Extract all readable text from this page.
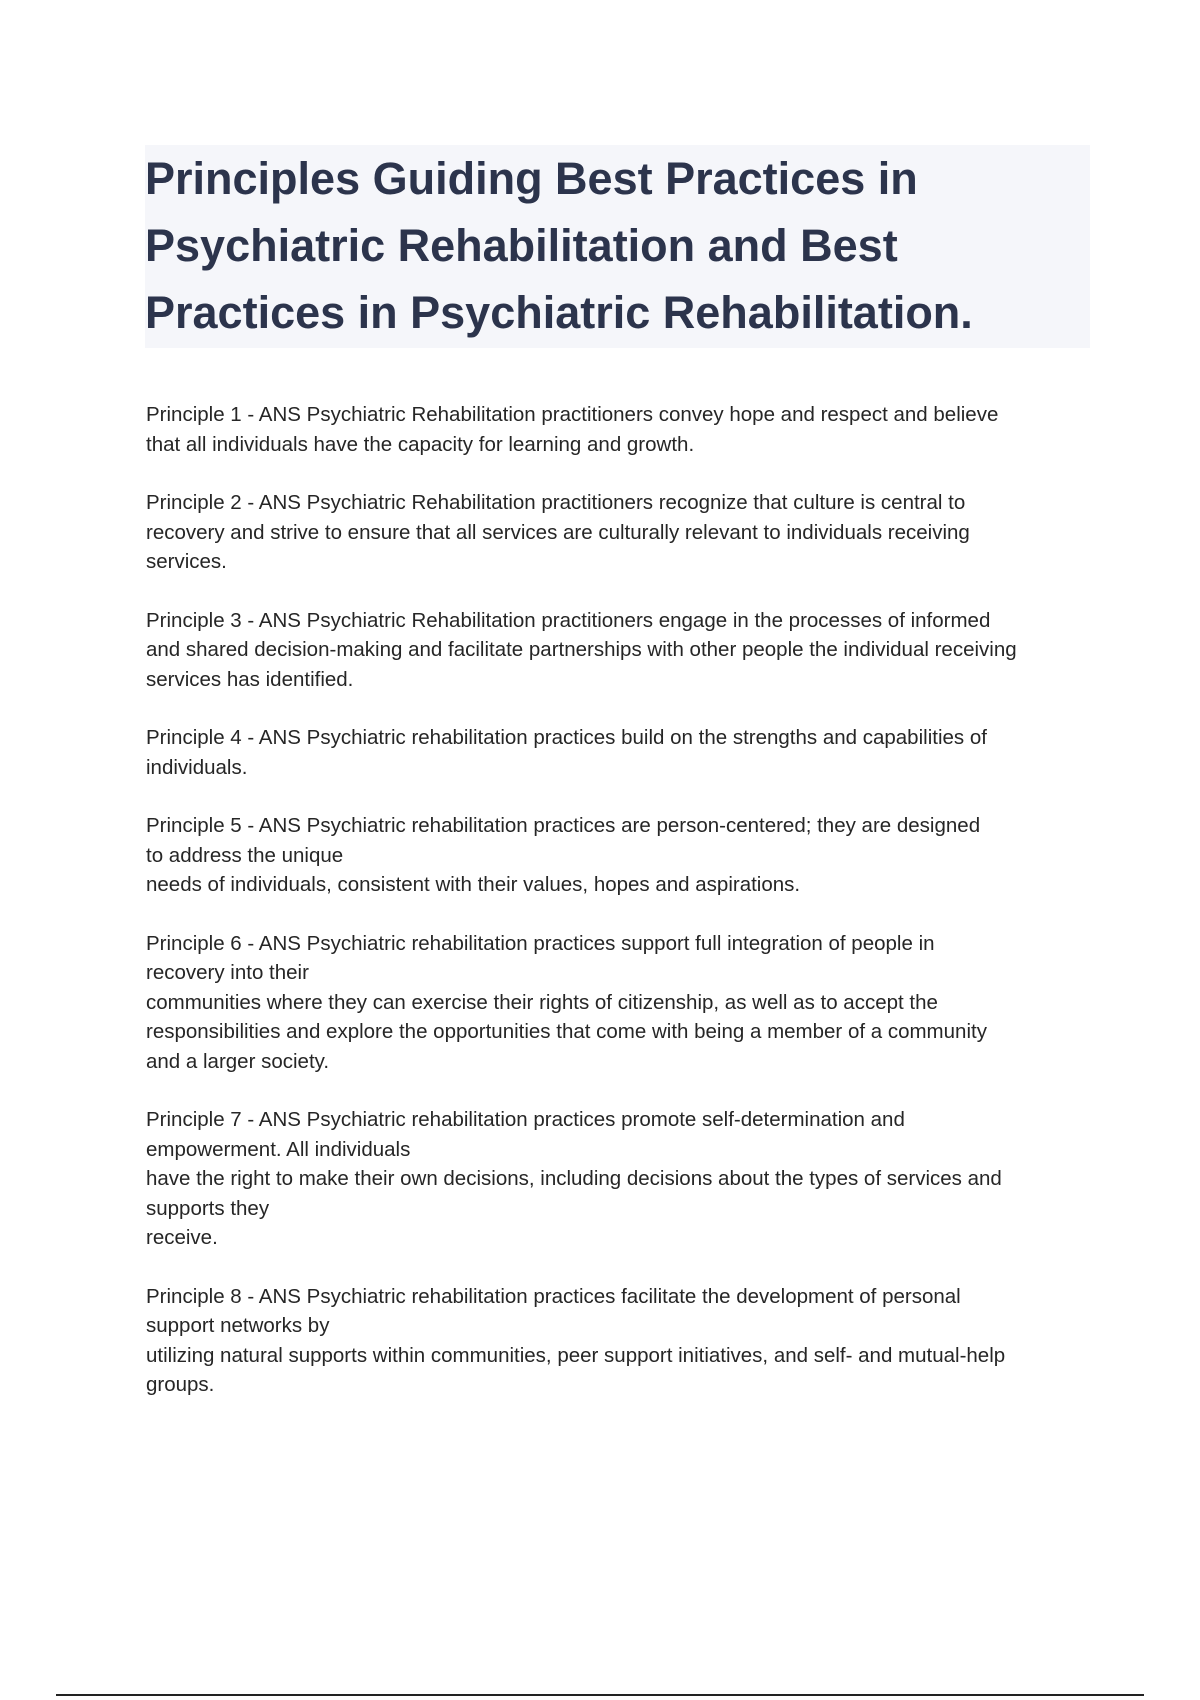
Principles Guiding Best Practices in Psychiatric Rehabilitation and Best Practices in Psychiatric Rehabilitation.

Principle 1 - ANS Psychiatric Rehabilitation practitioners convey hope and respect and believe
that all individuals have the capacity for learning and growth.

Principle 2 - ANS Psychiatric Rehabilitation practitioners recognize that culture is central to
recovery and strive to ensure that all services are culturally relevant to individuals receiving
services.

Principle 3 - ANS Psychiatric Rehabilitation practitioners engage in the processes of informed
and shared decision-making and facilitate partnerships with other people the individual receiving
services has identified.

Principle 4 - ANS Psychiatric rehabilitation practices build on the strengths and capabilities of
individuals.

Principle 5 - ANS Psychiatric rehabilitation practices are person-centered; they are designed
to address the unique
needs of individuals, consistent with their values, hopes and aspirations.

Principle 6 - ANS Psychiatric rehabilitation practices support full integration of people in
recovery into their
communities where they can exercise their rights of citizenship, as well as to accept the
responsibilities and explore the opportunities that come with being a member of a community
and a larger society.

Principle 7 - ANS Psychiatric rehabilitation practices promote self-determination and
empowerment. All individuals
have the right to make their own decisions, including decisions about the types of services and
supports they
receive.

Principle 8 - ANS Psychiatric rehabilitation practices facilitate the development of personal
support networks by
utilizing natural supports within communities, peer support initiatives, and self- and mutual-help
groups.
